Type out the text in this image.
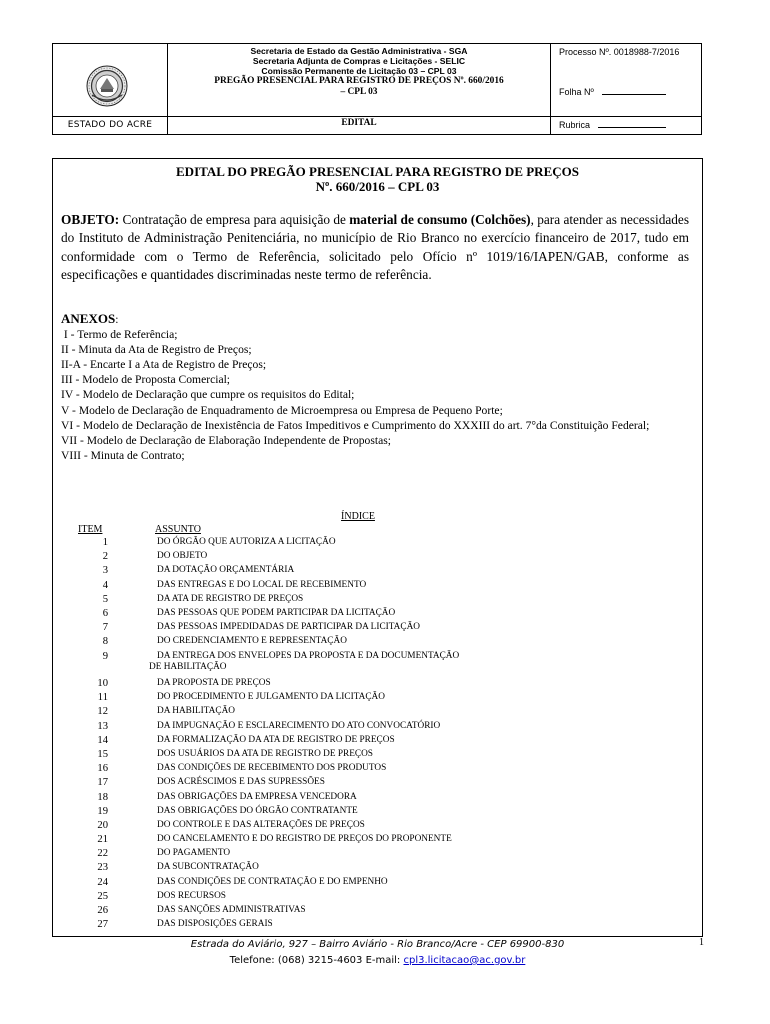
ESTADO DO ACRE
Secretaria de Estado da Gestão Administrativa - SGA
Secretaria Adjunta de Compras e Licitações - SELIC
Comissão Permanente de Licitação 03 – CPL 03
PREGÃO PRESENCIAL PARA REGISTRO DE PREÇOS Nº. 660/2016
– CPL 03
EDITAL
Processo Nº. 0018988-7/2016
Folha Nº
Rubrica
EDITAL DO PREGÃO PRESENCIAL PARA REGISTRO DE PREÇOS
Nº. 660/2016 – CPL 03
OBJETO: Contratação de empresa para aquisição de material de consumo (Colchões), para atender as necessidades do Instituto de Administração Penitenciária, no município de Rio Branco no exercício financeiro de 2017, tudo em conformidade com o Termo de Referência, solicitado pelo Ofício nº 1019/16/IAPEN/GAB, conforme as especificações e quantidades discriminadas neste termo de referência.
ANEXOS:
I - Termo de Referência;
II - Minuta da Ata de Registro de Preços;
II-A - Encarte I a Ata de Registro de Preços;
III - Modelo de Proposta Comercial;
IV - Modelo de Declaração que cumpre os requisitos do Edital;
V - Modelo de Declaração de Enquadramento de Microempresa ou Empresa de Pequeno Porte;
VI - Modelo de Declaração de Inexistência de Fatos Impeditivos e Cumprimento do XXXIII do art. 7°da Constituição Federal;
VII - Modelo de Declaração de Elaboração Independente de Propostas;
VIII - Minuta de Contrato;
ÍNDICE
ITEM	ASSUNTO
1	DO ÓRGÃO QUE AUTORIZA A LICITAÇÃO
2	DO OBJETO
3	DA DOTAÇÃO ORÇAMENTÁRIA
4	DAS ENTREGAS E DO LOCAL DE RECEBIMENTO
5	DA ATA DE REGISTRO DE PREÇOS
6	DAS PESSOAS QUE PODEM PARTICIPAR DA LICITAÇÃO
7	DAS PESSOAS IMPEDIDADAS DE PARTICIPAR DA LICITAÇÃO
8	DO CREDENCIAMENTO E REPRESENTAÇÃO
9	DA ENTREGA DOS ENVELOPES DA PROPOSTA E DA DOCUMENTAÇÃO
DE HABILITAÇÃO
10	DA PROPOSTA DE PREÇOS
11	DO PROCEDIMENTO E JULGAMENTO DA LICITAÇÃO
12	DA HABILITAÇÃO
13	DA IMPUGNAÇÃO E ESCLARECIMENTO DO ATO CONVOCATÓRIO
14	DA FORMALIZAÇÃO DA ATA DE REGISTRO DE PREÇOS
15	DOS USUÁRIOS DA ATA DE REGISTRO DE PREÇOS
16	DAS CONDIÇÕES DE RECEBIMENTO DOS PRODUTOS
17	DOS ACRÉSCIMOS E DAS SUPRESSÕES
18	DAS OBRIGAÇÕES DA EMPRESA VENCEDORA
19	DAS OBRIGAÇÕES DO ÓRGÃO CONTRATANTE
20	DO CONTROLE E DAS ALTERAÇÕES DE PREÇOS
21	DO CANCELAMENTO E DO REGISTRO DE PREÇOS DO PROPONENTE
22	DO PAGAMENTO
23	DA SUBCONTRATAÇÃO
24	DAS CONDIÇÕES DE CONTRATAÇÃO E DO EMPENHO
25	DOS RECURSOS
26	DAS SANÇÕES ADMINISTRATIVAS
27	DAS DISPOSIÇÕES GERAIS
Estrada do Aviário, 927 – Bairro Aviário - Rio Branco/Acre - CEP 69900-830
Telefone: (068) 3215-4603 E-mail: cpl3.licitacao@ac.gov.br
1
